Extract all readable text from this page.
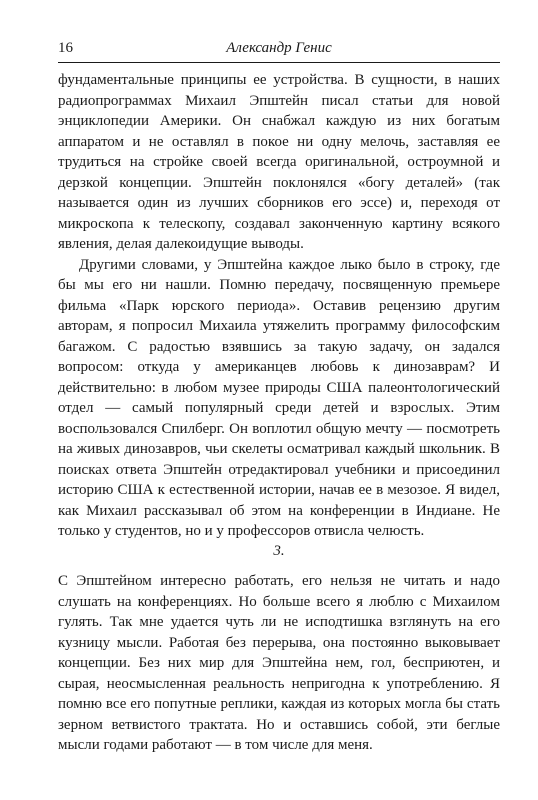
16	Александр Генис

фундаментальные принципы ее устройства. В сущности, в наших радиопрограммах Михаил Эпштейн писал статьи для новой энциклопедии Америки. Он снабжал каждую из них богатым аппаратом и не оставлял в покое ни одну мелочь, заставляя ее трудиться на стройке своей всегда оригинальной, остроумной и дерзкой концепции. Эпштейн поклонялся «богу деталей» (так называется один из лучших сборников его эссе) и, переходя от микроскопа к телескопу, создавал законченную картину всякого явления, делая далекоидущие выводы.

Другими словами, у Эпштейна каждое лыко было в строку, где бы мы его ни нашли. Помню передачу, посвященную премьере фильма «Парк юрского периода». Оставив рецензию другим авторам, я попросил Михаила утяжелить программу философским багажом. С радостью взявшись за такую задачу, он задался вопросом: откуда у американцев любовь к динозаврам? И действительно: в любом музее природы США палеонтологический отдел — самый популярный среди детей и взрослых. Этим воспользовался Спилберг. Он воплотил общую мечту — посмотреть на живых динозавров, чьи скелеты осматривал каждый школьник. В поисках ответа Эпштейн отредактировал учебники и присоединил историю США к естественной истории, начав ее в мезозое. Я видел, как Михаил рассказывал об этом на конференции в Индиане. Не только у студентов, но и у профессоров отвисла челюсть.

3.

С Эпштейном интересно работать, его нельзя не читать и надо слушать на конференциях. Но больше всего я люблю с Михаилом гулять. Так мне удается чуть ли не исподтишка взглянуть на его кузницу мысли. Работая без перерыва, она постоянно выковывает концепции. Без них мир для Эпштейна нем, гол, бесприютен, и сырая, неосмысленная реальность непригодна к употреблению. Я помню все его попутные реплики, каждая из которых могла бы стать зерном ветвистого трактата. Но и оставшись собой, эти беглые мысли годами работают — в том числе для меня.
